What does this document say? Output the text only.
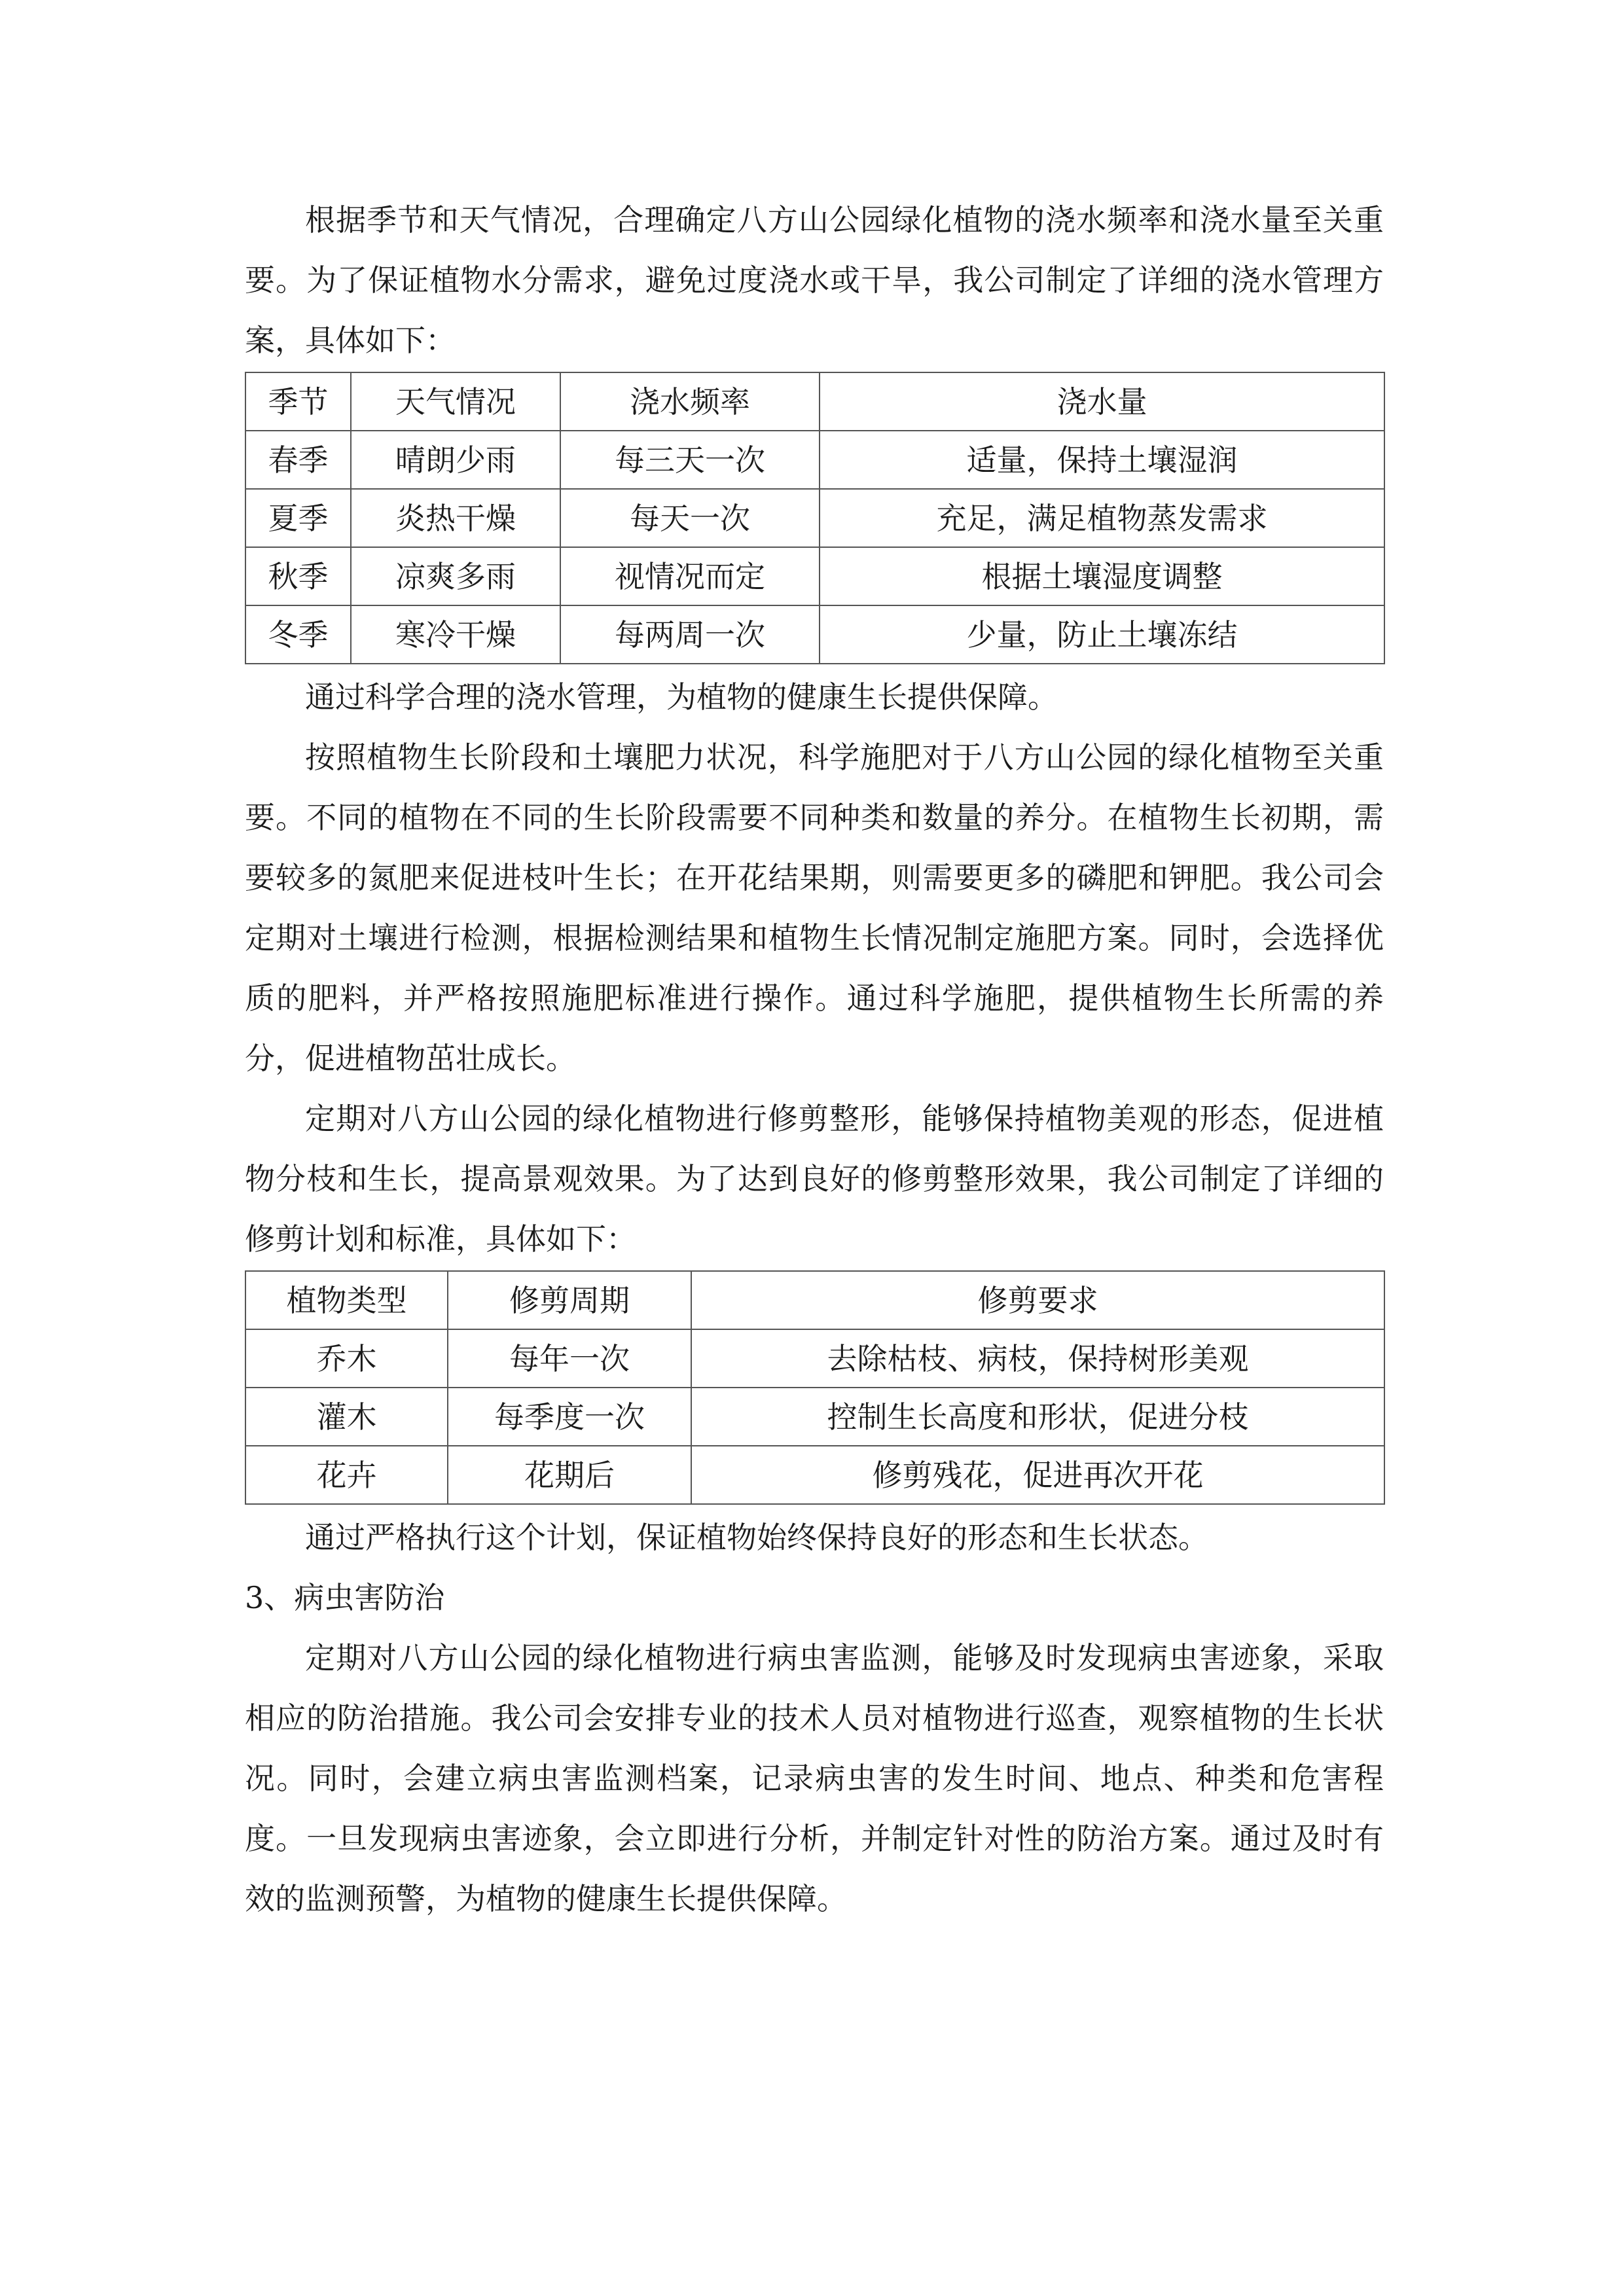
根据季节和天气情况，合理确定八方山公园绿化植物的浇水频率和浇水量至关重要。为了保证植物水分需求，避免过度浇水或干旱，我公司制定了详细的浇水管理方案，具体如下：

季节	天气情况	浇水频率	浇水量
春季	晴朗少雨	每三天一次	适量，保持土壤湿润
夏季	炎热干燥	每天一次	充足，满足植物蒸发需求
秋季	凉爽多雨	视情况而定	根据土壤湿度调整
冬季	寒冷干燥	每两周一次	少量，防止土壤冻结

通过科学合理的浇水管理，为植物的健康生长提供保障。

按照植物生长阶段和土壤肥力状况，科学施肥对于八方山公园的绿化植物至关重要。不同的植物在不同的生长阶段需要不同种类和数量的养分。在植物生长初期，需要较多的氮肥来促进枝叶生长；在开花结果期，则需要更多的磷肥和钾肥。我公司会定期对土壤进行检测，根据检测结果和植物生长情况制定施肥方案。同时，会选择优质的肥料，并严格按照施肥标准进行操作。通过科学施肥，提供植物生长所需的养分，促进植物茁壮成长。

定期对八方山公园的绿化植物进行修剪整形，能够保持植物美观的形态，促进植物分枝和生长，提高景观效果。为了达到良好的修剪整形效果，我公司制定了详细的修剪计划和标准，具体如下：

植物类型	修剪周期	修剪要求
乔木	每年一次	去除枯枝、病枝，保持树形美观
灌木	每季度一次	控制生长高度和形状，促进分枝
花卉	花期后	修剪残花，促进再次开花

通过严格执行这个计划，保证植物始终保持良好的形态和生长状态。

3、病虫害防治

定期对八方山公园的绿化植物进行病虫害监测，能够及时发现病虫害迹象，采取相应的防治措施。我公司会安排专业的技术人员对植物进行巡查，观察植物的生长状况。同时，会建立病虫害监测档案，记录病虫害的发生时间、地点、种类和危害程度。一旦发现病虫害迹象，会立即进行分析，并制定针对性的防治方案。通过及时有效的监测预警，为植物的健康生长提供保障。
